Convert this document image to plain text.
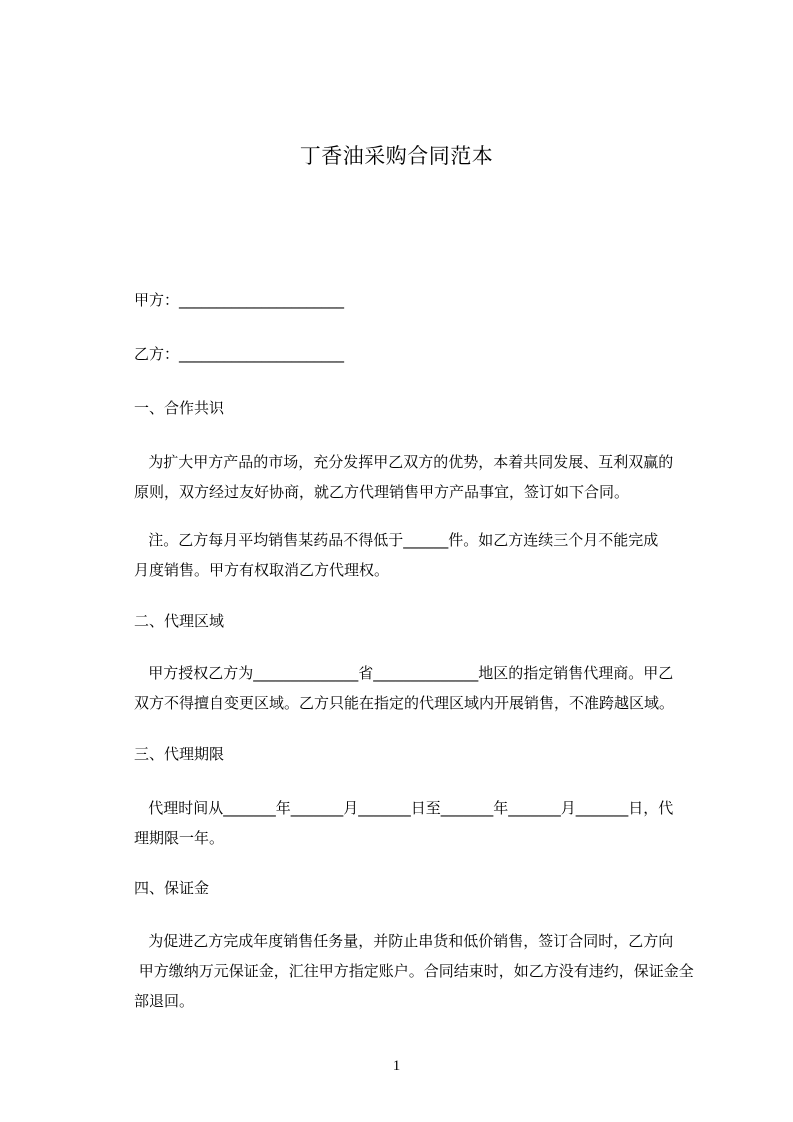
丁香油采购合同范本
甲方：______________________
乙方：______________________
一、合作共识
为扩大甲方产品的市场，充分发挥甲乙双方的优势，本着共同发展、互利双赢的
原则，双方经过友好协商，就乙方代理销售甲方产品事宜，签订如下合同。
注。乙方每月平均销售某药品不得低于______件。如乙方连续三个月不能完成
月度销售。甲方有权取消乙方代理权。
二、代理区域
甲方授权乙方为______________省______________地区的指定销售代理商。甲乙
双方不得擅自变更区域。乙方只能在指定的代理区域内开展销售，不准跨越区域。
三、代理期限
代理时间从_______年_______月_______日至_______年_______月_______日，代
理期限一年。
四、保证金
为促进乙方完成年度销售任务量，并防止串货和低价销售，签订合同时，乙方向
甲方缴纳万元保证金，汇往甲方指定账户。合同结束时，如乙方没有违约，保证金全
部退回。
1
